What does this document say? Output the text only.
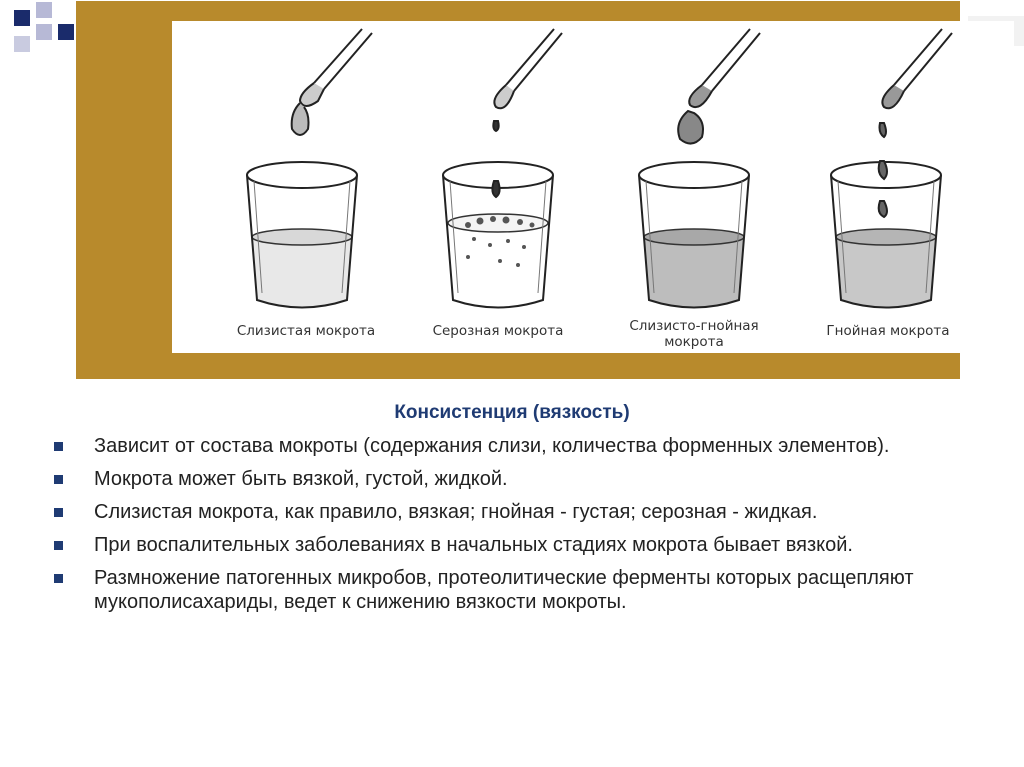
Слизистая мокрота	Серозная мокрота	Слизисто-гнойная
мокрота
Гнойная мокрота
Консистенция (вязкость)
Зависит от состава мокроты (содержания слизи, количества форменных элементов).
Мокрота может быть вязкой, густой, жидкой.
Слизистая мокрота, как правило, вязкая; гнойная - густая; серозная - жидкая.
При воспалительных заболеваниях в начальных стадиях мокрота бывает вязкой.
Размножение патогенных микробов, протеолитические ферменты которых расщепляют мукополисахариды, ведет к снижению вязкости мокроты.
